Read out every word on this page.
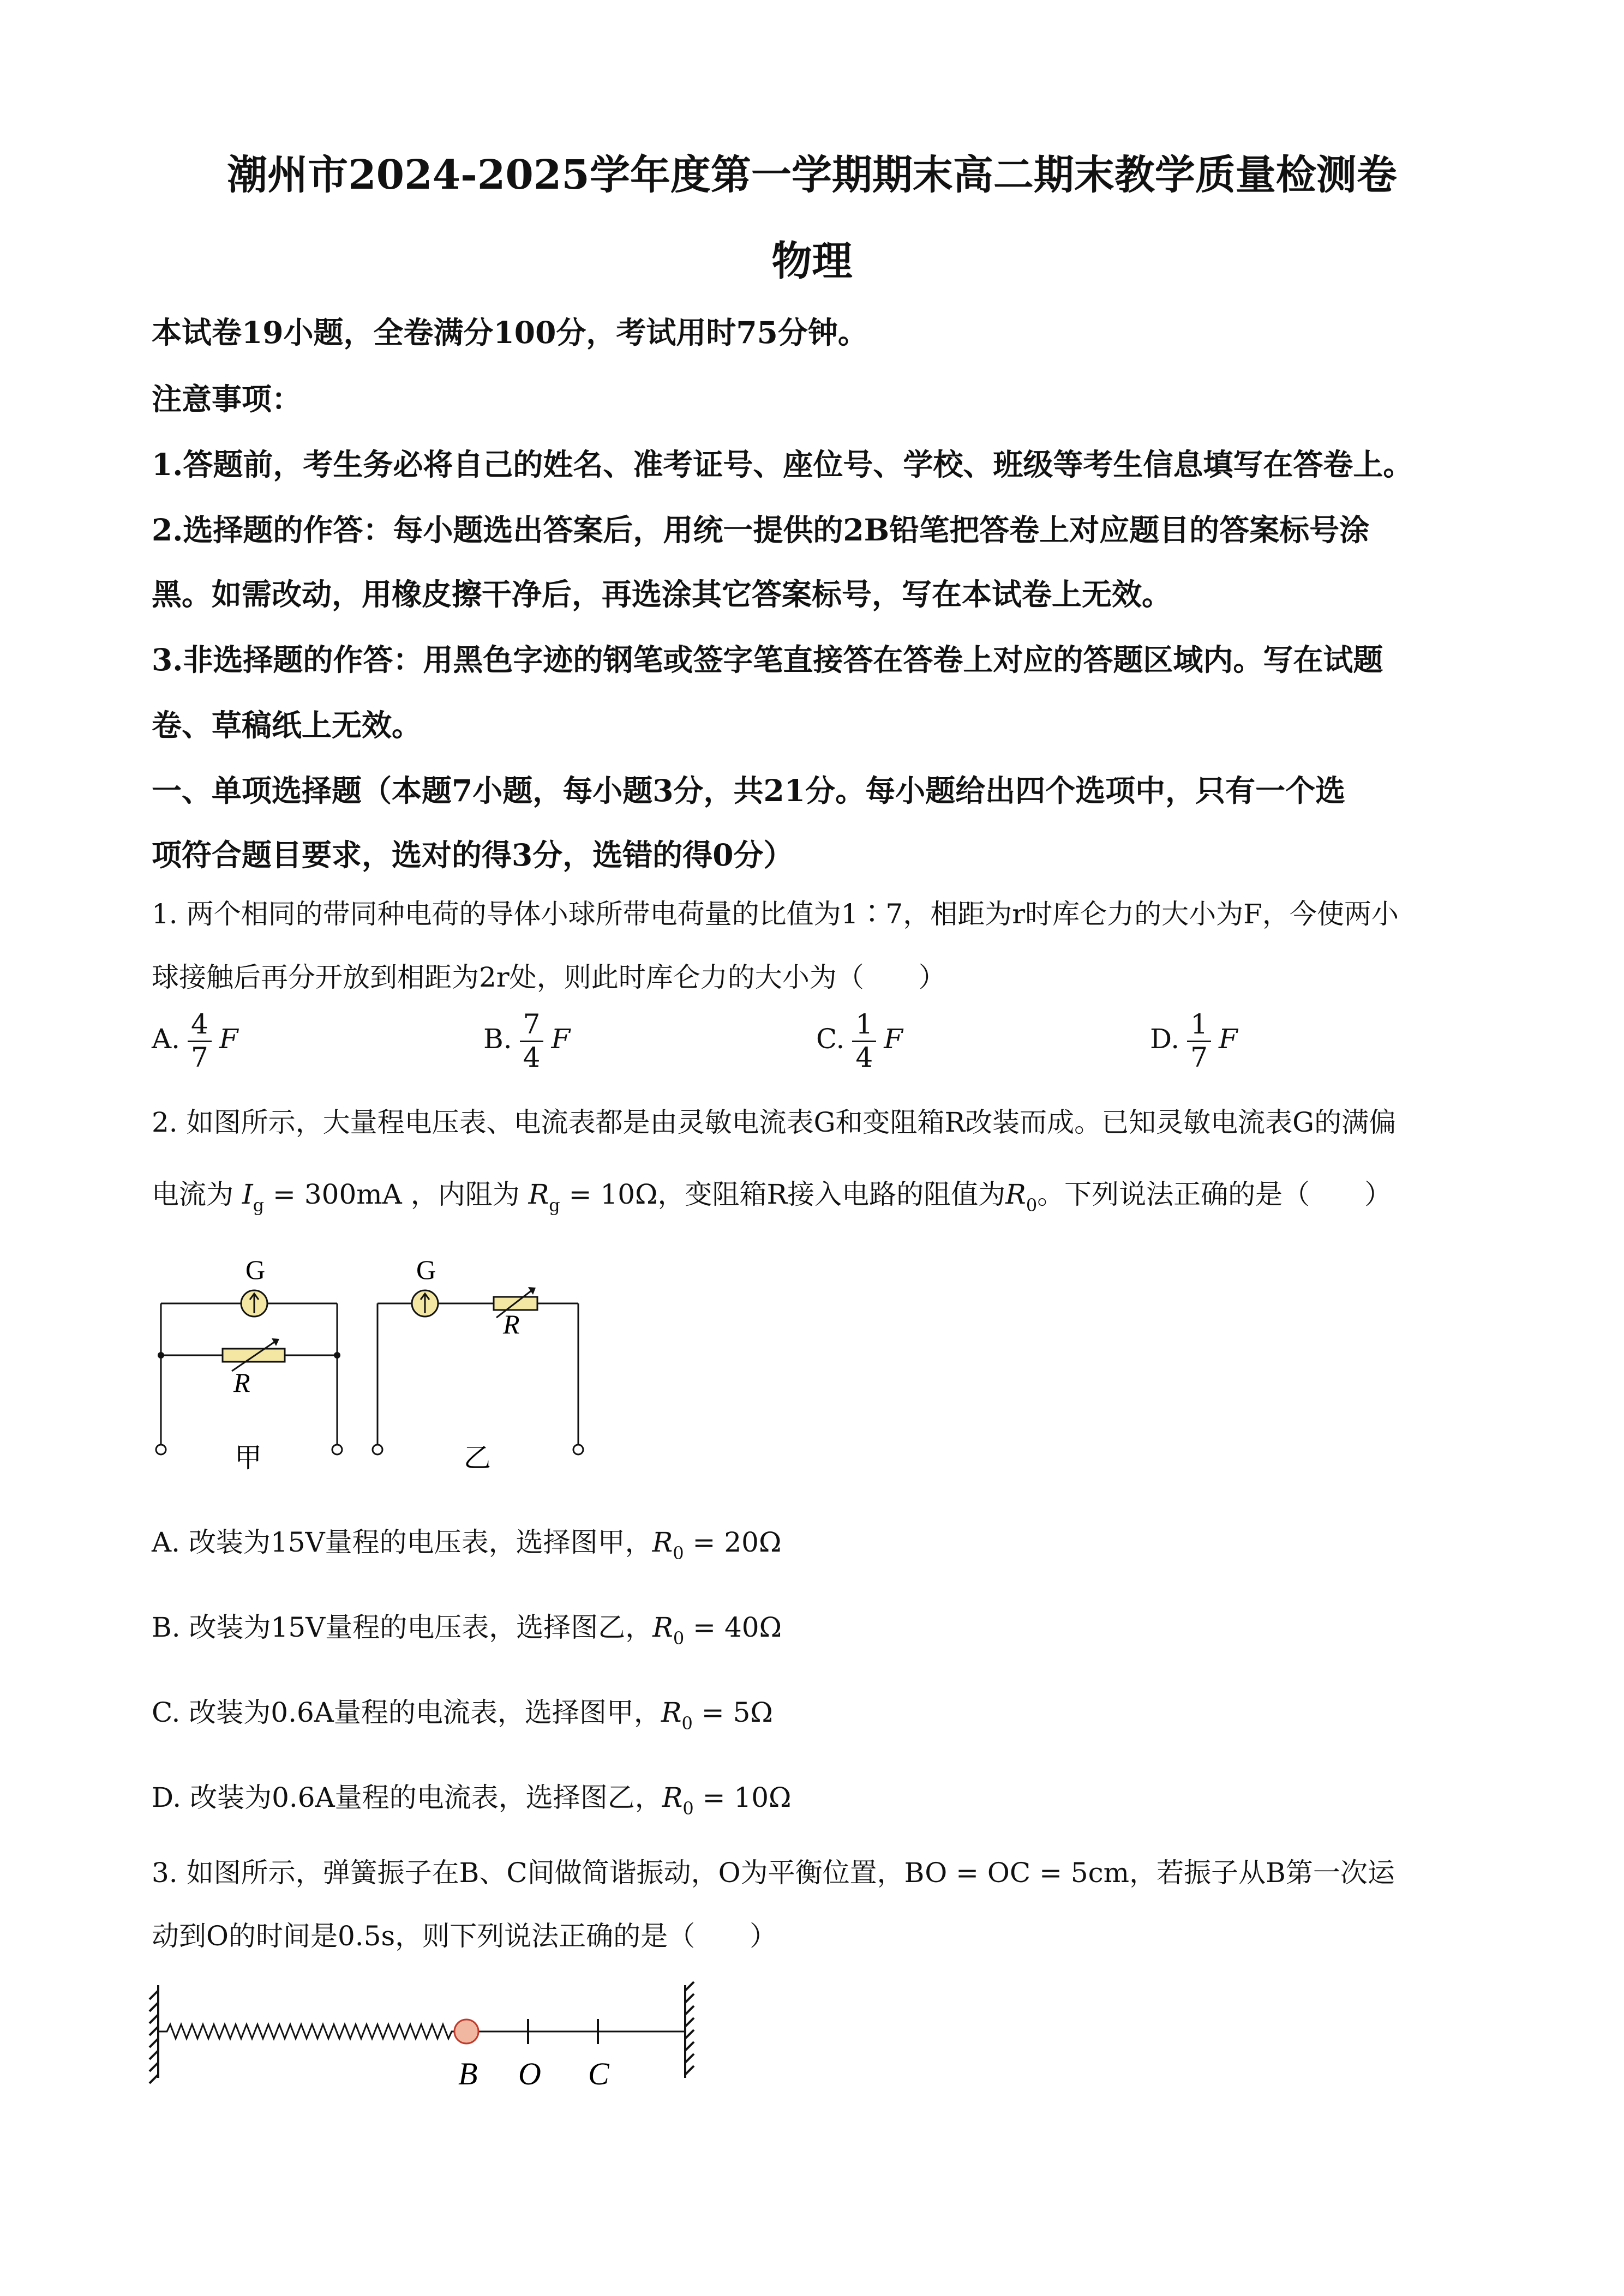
潮州市2024-2025学年度第一学期期末高二期末教学质量检测卷
物理
本试卷19小题，全卷满分100分，考试用时75分钟。
注意事项：
1.答题前，考生务必将自己的姓名、准考证号、座位号、学校、班级等考生信息填写在答卷上。
2.选择题的作答：每小题选出答案后，用统一提供的2B铅笔把答卷上对应题目的答案标号涂
黑。如需改动，用橡皮擦干净后，再选涂其它答案标号，写在本试卷上无效。
3.非选择题的作答：用黑色字迹的钢笔或签字笔直接答在答卷上对应的答题区域内。写在试题
卷、草稿纸上无效。
一、单项选择题（本题7小题，每小题3分，共21分。每小题给出四个选项中，只有一个选
项符合题目要求，选对的得3分，选错的得0分）
1. 两个相同的带同种电荷的导体小球所带电荷量的比值为1∶7，相距为r时库仑力的大小为F，今使两小
球接触后再分开放到相距为2r处，则此时库仑力的大小为（　　）
A. $\frac{4}{7}$ F	B. $\frac{7}{4}$ F	C. $\frac{1}{4}$ F	D. $\frac{1}{7}$ F
2. 如图所示，大量程电压表、电流表都是由灵敏电流表G和变阻箱R改装而成。已知灵敏电流表G的满偏
电流为 $I_g = 300mA$ ，内阻为 $R_g = 10\Omega$，变阻箱R接入电路的阻值为$R_0$。下列说法正确的是（　　）
G
R
甲
G
R
乙
A. 改装为15V量程的电压表，选择图甲，$R_0 = 20\Omega$
B. 改装为15V量程的电压表，选择图乙，$R_0 = 40\Omega$
C. 改装为0.6A量程的电流表，选择图甲，$R_0 = 5\Omega$
D. 改装为0.6A量程的电流表，选择图乙，$R_0 = 10\Omega$
3. 如图所示，弹簧振子在B、C间做简谐振动，O为平衡位置，BO = OC = 5cm，若振子从B第一次运
动到O的时间是0.5s，则下列说法正确的是（　　）
B O C
